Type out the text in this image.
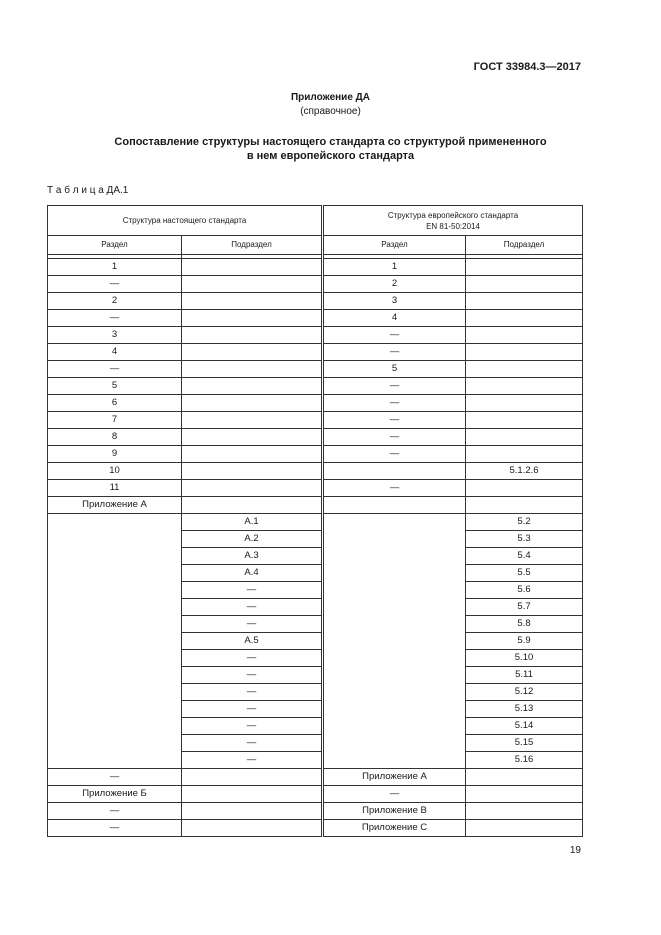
ГОСТ 33984.3—2017
Приложение ДА
(справочное)
Сопоставление структуры настоящего стандарта со структурой примененного
в нем европейского стандарта
Т а б л и ц а ДА.1
Структура настоящего стандарта		Структура европейского стандарта
EN 81-50:2014	

Раздел	Подраздел	Раздел	Подраздел

1		1	
—		2	
2		3	
—		4	
3		—	
4		—	
—		5	
5		—	
6		—	
7		—	
8		—	
9		—	
10			5.1.2.6
11		—	
Приложение А			
	А.1		5.2
	А.2		5.3
	А.3		5.4
	А.4		5.5
	—		5.6
	—		5.7
	—		5.8
	А.5		5.9
	—		5.10
	—		5.11
	—		5.12
	—		5.13
	—		5.14
	—		5.15
	—		5.16
—		Приложение А	
Приложение Б		—	
—		Приложение В	
—		Приложение С	
19
